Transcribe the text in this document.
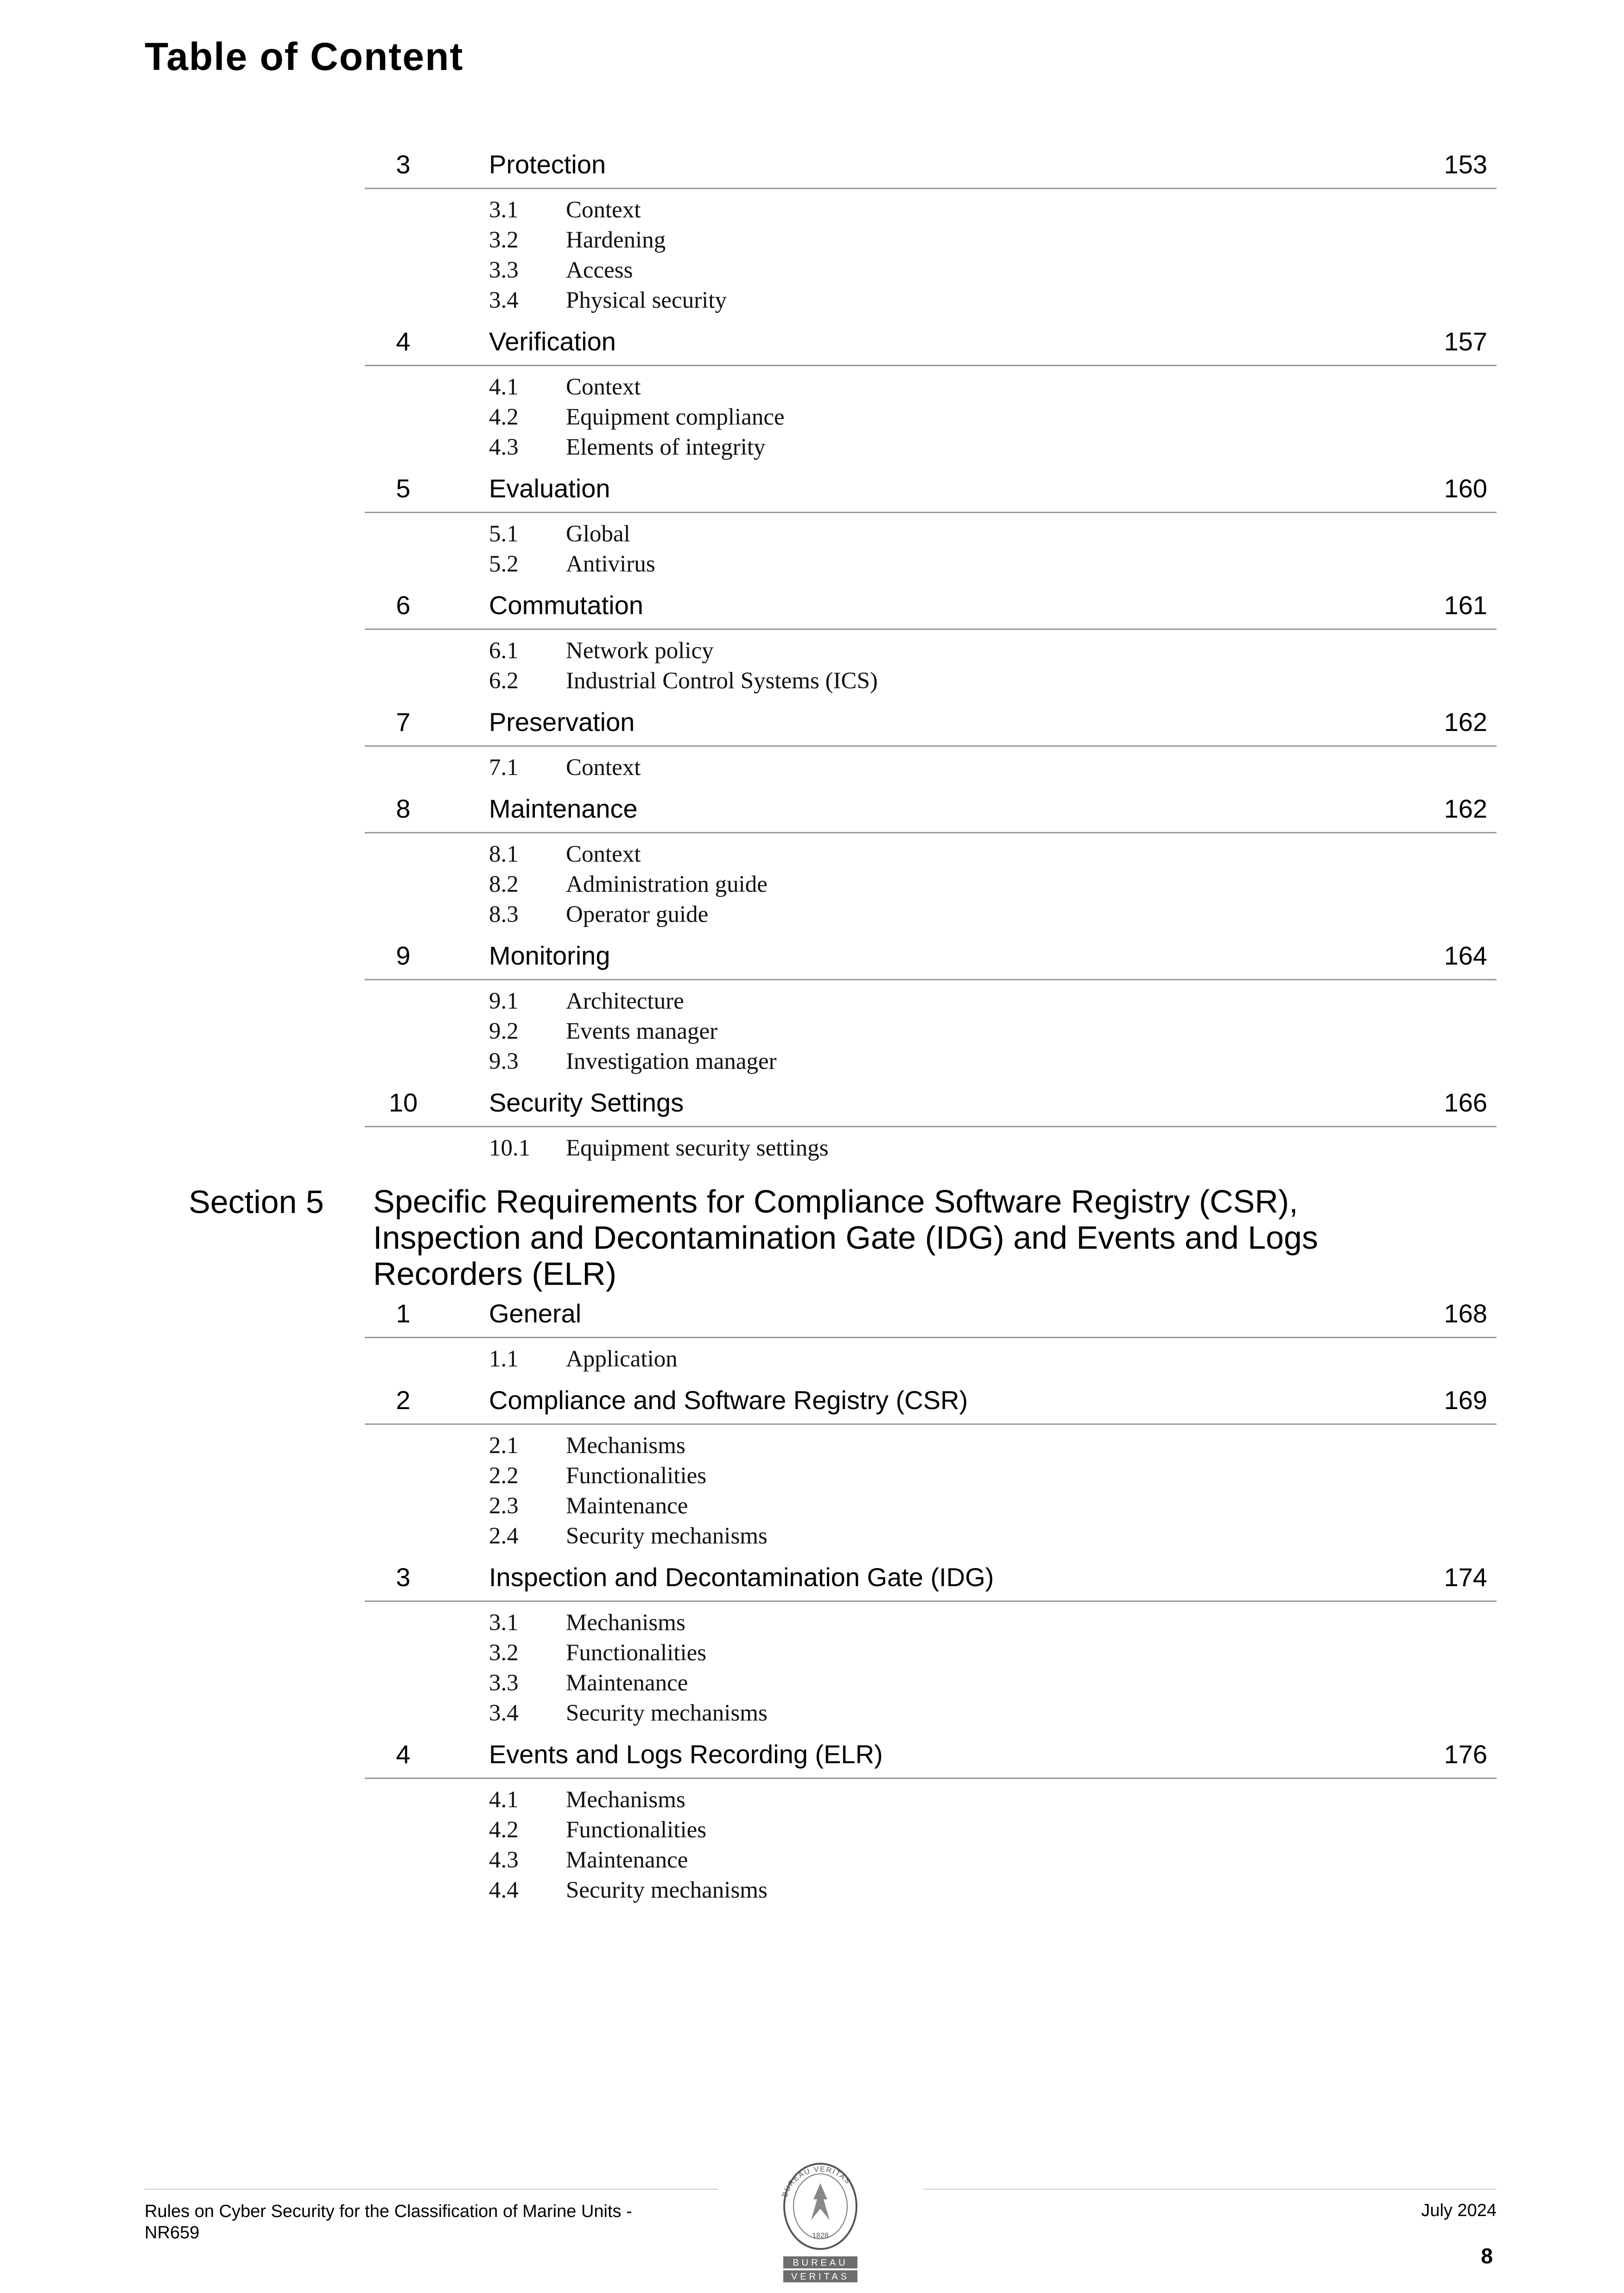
Table of Content
3	Protection	153
3.1 Context
3.2 Hardening
3.3 Access
3.4 Physical security
4	Verification	157
4.1 Context
4.2 Equipment compliance
4.3 Elements of integrity
5	Evaluation	160
5.1 Global
5.2 Antivirus
6	Commutation	161
6.1 Network policy
6.2 Industrial Control Systems (ICS)
7	Preservation	162
7.1 Context
8	Maintenance	162
8.1 Context
8.2 Administration guide
8.3 Operator guide
9	Monitoring	164
9.1 Architecture
9.2 Events manager
9.3 Investigation manager
10	Security Settings	166
10.1 Equipment security settings
Section 5 Specific Requirements for Compliance Software Registry (CSR), Inspection and Decontamination Gate (IDG) and Events and Logs Recorders (ELR)
1	General	168
1.1 Application
2	Compliance and Software Registry (CSR)	169
2.1 Mechanisms
2.2 Functionalities
2.3 Maintenance
2.4 Security mechanisms
3	Inspection and Decontamination Gate (IDG)	174
3.1 Mechanisms
3.2 Functionalities
3.3 Maintenance
3.4 Security mechanisms
4	Events and Logs Recording (ELR)	176
4.1 Mechanisms
4.2 Functionalities
4.3 Maintenance
4.4 Security mechanisms
Rules on Cyber Security for the Classification of Marine Units -
NR659
BUREAU VERITAS
1828
BUREAU
VERITAS
July 2024
8
